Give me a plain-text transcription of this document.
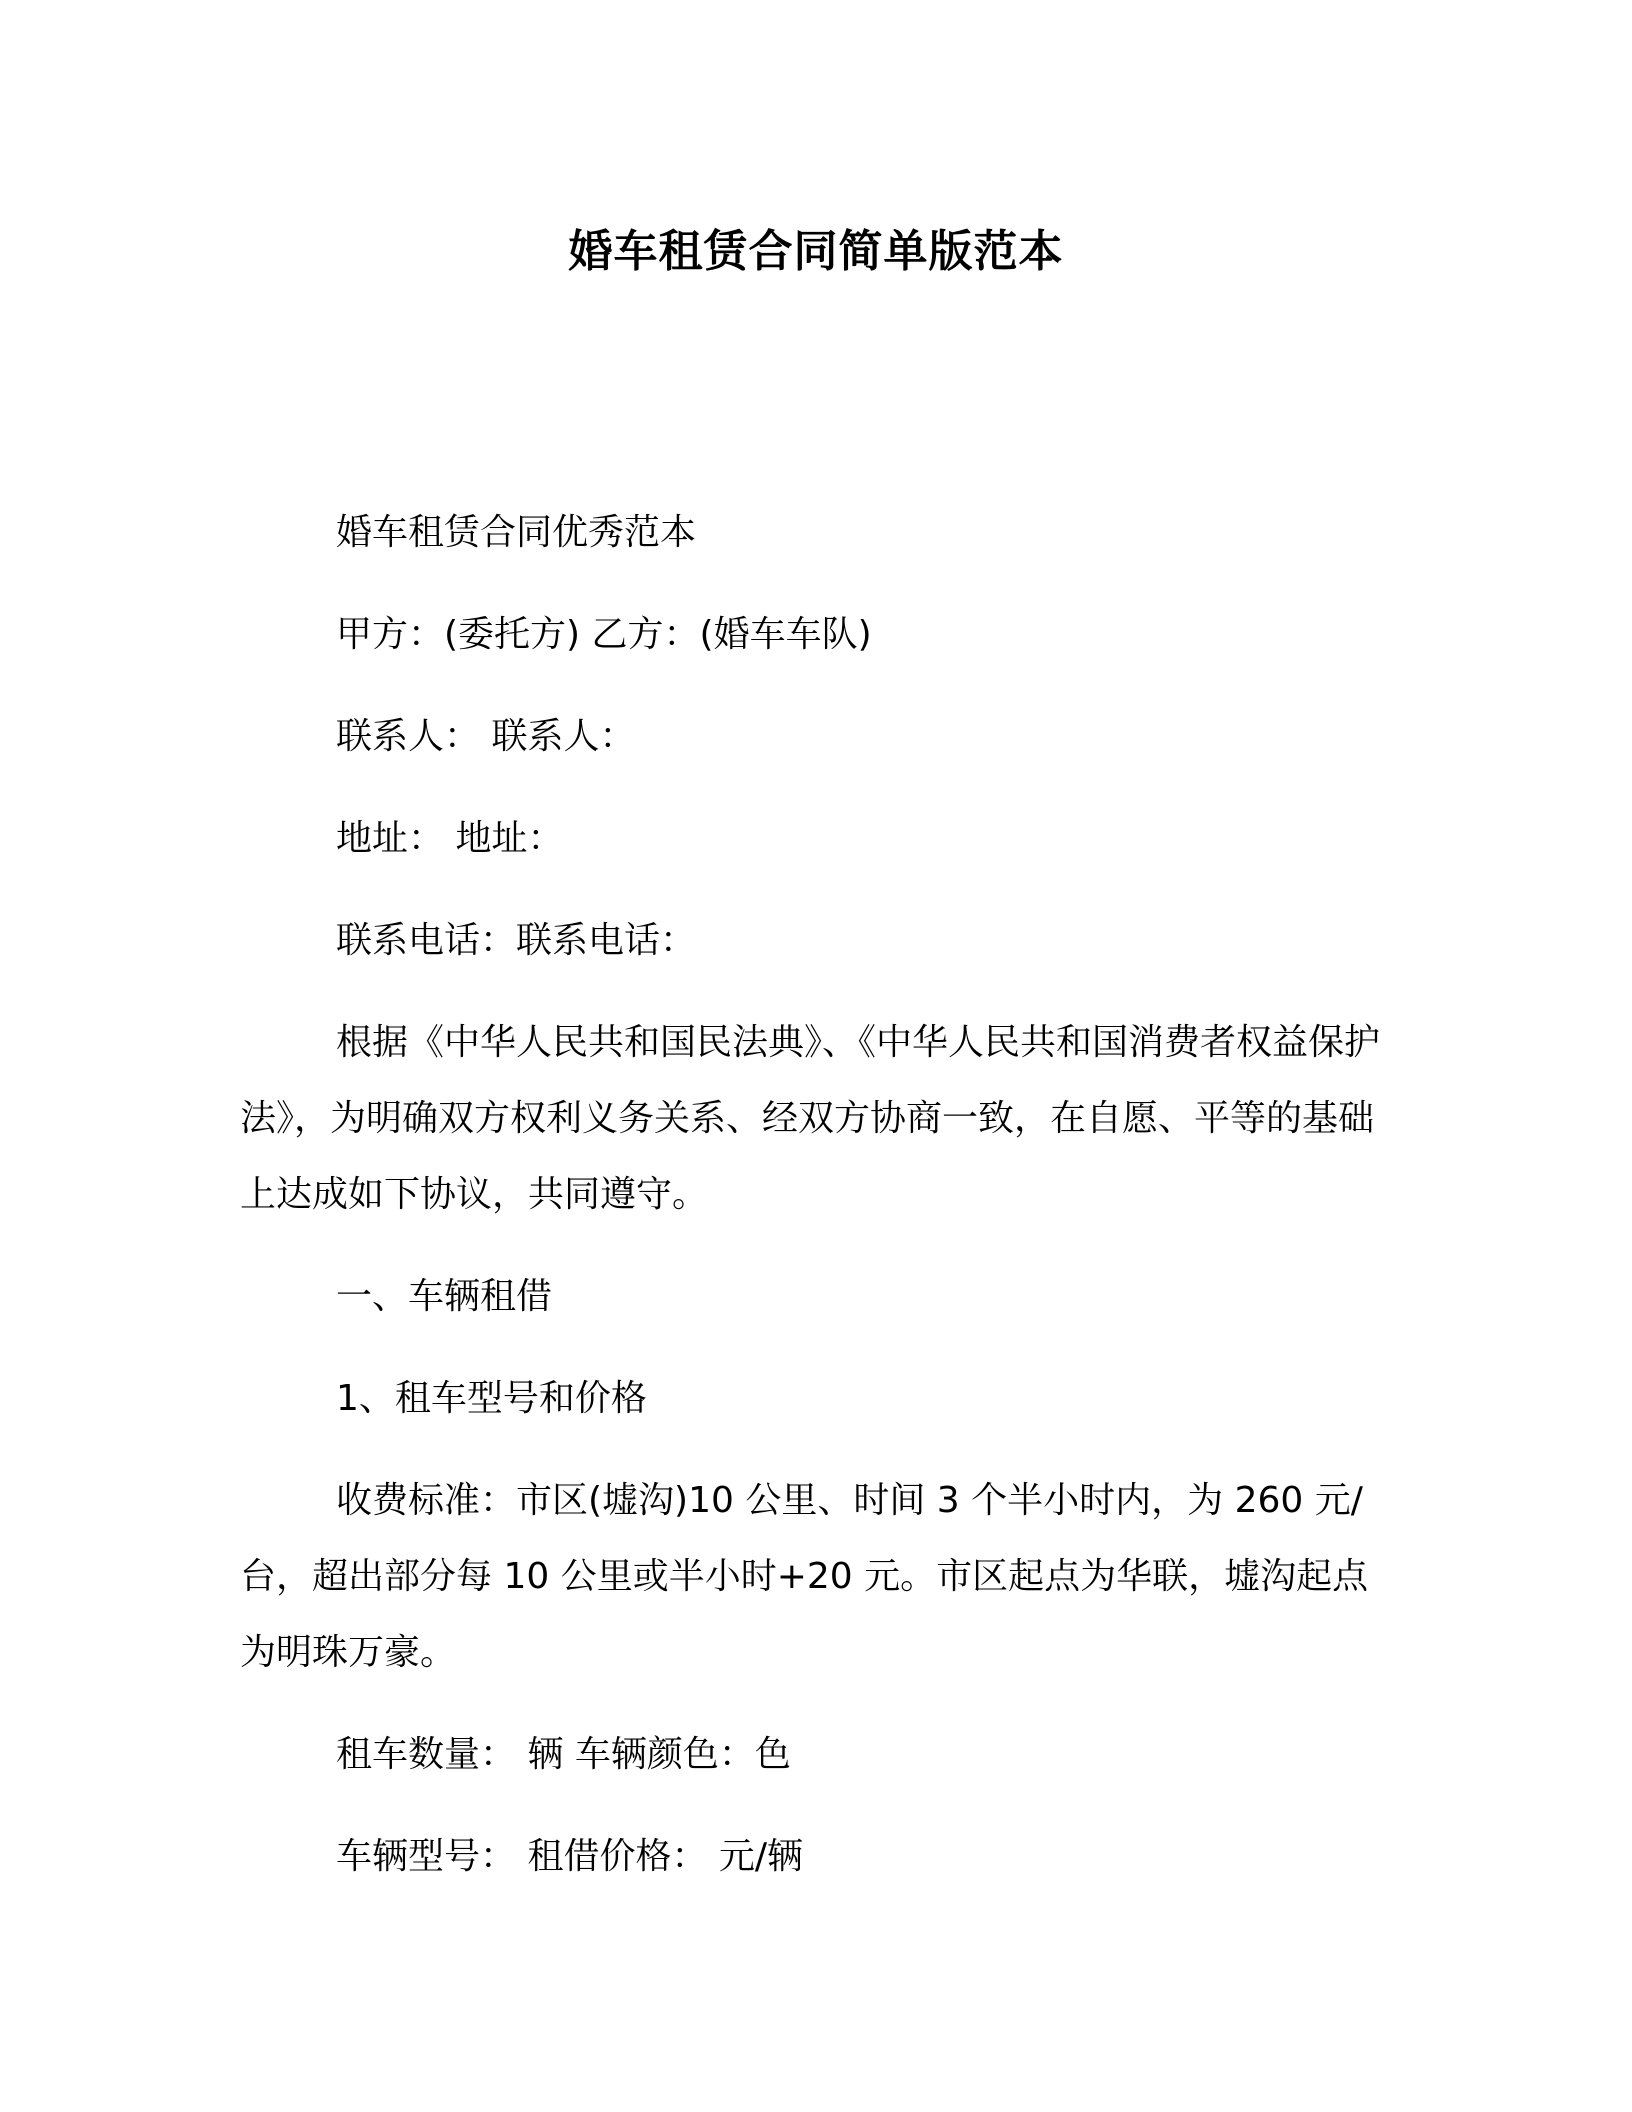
婚车租赁合同简单版范本

婚车租赁合同优秀范本

甲方：(委托方) 乙方：(婚车车队)

联系人： 联系人：

地址： 地址：

联系电话：联系电话：

根据《中华人民共和国民法典》、《中华人民共和国消费者权益保护法》，为明确双方权利义务关系、经双方协商一致，在自愿、平等的基础上达成如下协议，共同遵守。

一、车辆租借

1、租车型号和价格

收费标准：市区(墟沟)10 公里、时间 3 个半小时内，为 260 元/台，超出部分每 10 公里或半小时+20 元。市区起点为华联，墟沟起点为明珠万豪。

租车数量： 辆 车辆颜色：色

车辆型号： 租借价格： 元/辆
